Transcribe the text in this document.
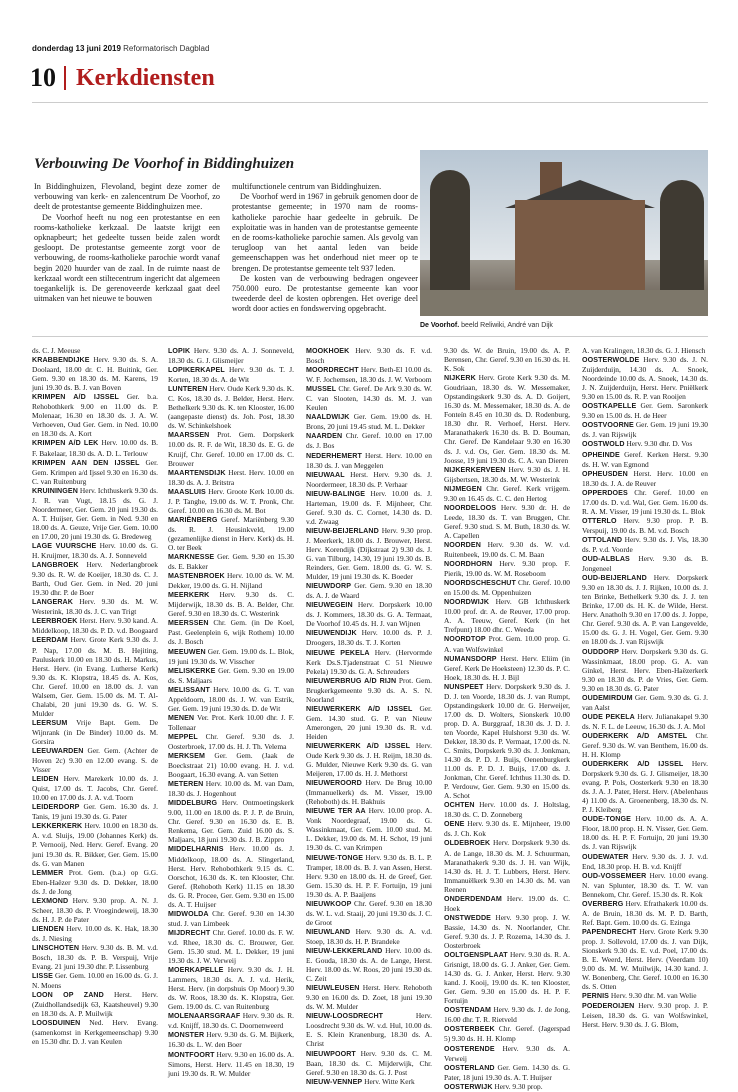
donderdag 13 juni 2019 Reformatorisch Dagblad
10 Kerkdiensten
Verbouwing De Voorhof in Biddinghuizen

In Biddinghuizen, Flevoland, begint deze zomer de verbouwing van kerk- en zalencentrum De Voorhof, zo deelt de protestantse gemeente Biddinghuizen mee.

De Voorhof heeft nu nog een protestantse en een rooms-katholieke kerkzaal. De laatste krijgt een opknapbeurt; het gedeelte tussen beide zalen wordt gesloopt. De protestantse gemeente zorgt voor de verbouwing, de rooms-katholieke parochie wordt vanaf begin 2020 huurder van de zaal. In de ruimte naast de kerkzaal wordt een stiltecentrum ingericht dat algemeen toegankelijk is. De gerenoveerde kerkzaal gaat deel uitmaken van het nieuwe te bouwen

multifunctionele centrum van Biddinghuizen.

De Voorhof werd in 1967 in gebruik genomen door de protestantse gemeente; in 1970 nam de rooms-katholieke parochie haar gedeelte in gebruik. De exploitatie was in handen van de protestantse gemeente en de rooms-katholieke parochie samen. Als gevolg van terugloop van het aantal leden van beide gemeenschappen was het onderhoud niet meer op te brengen. De protestantse gemeente telt 937 leden.

De kosten van de verbouwing bedragen ongeveer 750.000 euro. De protestantse gemeente kan voor tweederde deel de kosten opbrengen. Het overige deel wordt door acties en fondswerving opgebracht.

De Voorhof. beeld Reliwiki, André van Dijk
ds. C. J. Meeuse
KRABBENDIJKE Herv. 9.30 ds. S. A. Doolaard, 18.00 dr. C. H. Buitink, Ger. Gem. 9.30 en 18.30 ds. M. Karens, 19 juni 19.30 ds. B. J. van Boven
KRIMPEN A/D IJSSEL Ger. b.a. Rehobothkerk 9.00 en 11.00 ds. P. Molenaar, 16.30 en 18.30 ds. J. A. W. Verhoeven, Oud Ger. Gem. in Ned. 10.00 en 18.30 ds. A. Kort
KRIMPEN A/D LEK Herv. 10.00 ds. B. F. Bakelaar, 18.30 ds. A. D. L. Terlouw
KRIMPEN AAN DEN IJSSEL Ger. Gem. Krimpen a/d Ijssel 9.30 en 16.30 ds. C. van Ruitenburg
KRUININGEN Herv. Ichthuskerk 9.30 ds. J. R. van Vugt, 18.15 ds. G. J. Noordermeer, Ger. Gem. 20 juni 19.30 ds. A. T. Huijser, Ger. Gem. in Ned. 9.30 en 18.00 ds. A. Geuze, Vrije Ger. Gem. 10.00 en 17.00, 20 juni 19.30 ds. G. Bredeweg
LAGE VUURSCHE Herv. 10.00 ds. G. H. Kruijmer, 18.30 ds. A. J. Sonneveld
LANGBROEK Herv. Nederlangbroek 9.30 ds. R. W. de Koeijer, 18.30 ds. C. J. Barth, Oud Ger. Gem. in Ned. 20 juni 19.30 dhr. P. de Boer
LANGERAK Herv. 9.30 ds. M. W. Westerink, 18.30 ds. J. C. van Trigt
LEERBROEK Herst. Herv. 9.30 kand. A. Middelkoop, 18.30 ds. P. D. v.d. Boogaard
LEERDAM Herv. Grote Kerk 9.30 ds. J. P. Nap, 17.00 ds. M. B. Hejiting, Pauluskerk 10.00 en 18.30 ds. H. Markus, Herst. Herv. (in Evang. Lutherse Kerk) 9.30 ds. K. Klopstra, 18.45 ds. A. Kos, Chr. Geref. 10.00 en 18.00 ds. J. van Walsem, Ger. Gem. 15.00 ds. M. T. Al-Chalabi, 20 juni 19.30 ds. G. W. S. Mulder
LEERSUM Vrije Bapt. Gem. De Wijnrank (in De Binder) 10.00 ds. M. Gorsira
LEEUWARDEN Ger. Gem. (Achter de Hoven 2c) 9.30 en 12.00 evang. S. de Visser
LEIDEN Herv. Marekerk 10.00 ds. J. Quist, 17.00 ds. T. Jacobs, Chr. Geref. 10.00 en 17.00 ds. J. A. v.d. Toorn
LEIDERDORP Ger. Gem. 16.30 ds. J. Tanis, 19 juni 19.30 ds. G. Pater
LEKKERKERK Herv. 10.00 en 18.30 ds. A. v.d. Sluijs, 19.00 (Johannes Kerk) ds. P. Vernooij, Ned. Herv. Geref. Evang. 20 juni 19.30 ds. R. Bikker, Ger. Gem. 15.00 ds. G. van Manen
LEMMER Prot. Gem. (b.a.) op G.G. Eben-Haëzer 9.30 ds. D. Dekker, 18.00 ds. J. de Jong
LEXMOND Herv. 9.30 prop. A. N. J. Scheer, 18.30 ds. P. Vroegindeweij, 18.30 ds. H. J. P. de Pater
LIENDEN Herv. 10.00 ds. K. Hak, 18.30 ds. J. Niesing
LINSCHOTEN Herv. 9.30 ds. B. M. v.d. Bosch, 18.30 ds. P. B. Verspuij, Vrije Evang. 21 juni 19.30 dhr. P. Lissenburg
LISSE Ger. Gem. 10.00 en 16.00 ds. G. J. N. Moens
LOON OP ZAND Herst. Herv. (Zuidhollandsedijk 63, Kaatsheuvel) 9.30 en 18.30 ds. A. P. Muilwijk
LOOSDUINEN Ned. Herv. Evang. (samenkomst in Kerkgemeenschap) 9.30 en 15.30 dhr. D. J. van Keulen
LOPIK Herv. 9.30 ds. A. J. Sonneveld, 18.30 ds. G. J. Glismeijer
LOPIKERKAPEL Herv. 9.30 ds. T. J. Korten, 18.30 ds. A. de Wit
LUNTEREN Herv. Oude Kerk 9.30 ds. K. C. Kos, 18.30 ds. J. Belder, Herst. Herv. Bethelkerk 9.30 ds. K. ten Klooster, 16.00 (aangepaste dienst) ds. Joh. Post, 18.30 ds. W. Schinkelshoek
MAARSSEN Prot. Gem. Dorpskerk 10.00 ds. R. F. de Wit, 18.30 ds. E. G. de Kruijf, Chr. Geref. 10.00 en 17.00 ds. C. Brouwer
MAARTENSDIJK Herst. Herv. 10.00 en 18.30 ds. A. J. Britstra
MAASLUIS Herv. Groote Kerk 10.00 ds. J. P. Tanghe, 19.00 ds. W. T. Pronk, Chr. Geref. 10.00 en 16.30 ds. M. Bot
MARIËNBERG Geref. Mariënberg 9.30 ds. R. J. Heusinkveld, 19.00 (gezamenlijke dienst in Herv. Kerk) ds. H. O. ter Beek
MARKNESSE Ger. Gem. 9.30 en 15.30 ds. E. Bakker
MASTENBROEK Herv. 10.00 ds. W. M. Dekker, 19.00 ds. G. H. Nijland
MEERKERK Herv. 9.30 ds. C. Mijderwijk, 18.30 ds. B. A. Belder, Chr. Geref. 9.30 en 18.30 ds. C. Westerink
MEERSSEN Chr. Gem. (in De Koel, Past. Geelenplein 6, wijk Rothem) 10.00 ds. J. Bosch
MEEUWEN Ger. Gem. 19.00 ds. L. Blok, 19 juni 19.30 ds. W. Visscher
MELISKERKE Ger. Gem. 9.30 en 19.00 ds. S. Maljaars
MELISSANT Herv. 10.00 ds. G. T. van Appeldoorn, 18.00 ds. J. W. van Estrik, Ger. Gem. 19 juni 19.30 ds. D. de Wit
MENEN Ver. Prot. Kerk 10.00 dhr. J. F. Tollenaar
MEPPEL Chr. Geref. 9.30 ds. J. Oosterbroek, 17.00 ds. H. J. Th. Velema
MERKSEM Ger. Gem. (Jaak de Boeckstraat 21) 10.00 evang. H. J. v.d. Boogaart, 16.30 evang. A. van Setten
METEREN Herv. 10.00 ds. M. van Dam, 18.30 ds. J. Hogenhout
MIDDELBURG Herv. Ontmoetingskerk 9.00, 11.00 en 18.00 ds. P. J. P. de Bruin, Chr. Geref. 9.30 en 16.30 ds. E. B. Renkema, Ger. Gem. Zuid 16.00 ds. S. Maljaars, 18 juni 19.30 ds. J. B. Zippro
MIDDELHARNIS Herv. 10.00 ds. J. Middelkoop, 18.00 ds. A. Slingerland, Herst. Herv. Rehobothkerk 9.15 ds. C. Oorschot, 16.30 ds. K. ten Klooster, Chr. Geref. (Rehoboth Kerk) 11.15 en 18.30 ds. G. R. Procee, Ger. Gem. 9.30 en 15.00 ds. A. T. Huijser
MIDWOLDA Chr. Geref. 9.30 en 14.30 stud. J. van Limbeek
MIJDRECHT Chr. Geref. 10.00 ds. F. W. v.d. Rhee, 18.30 ds. C. Brouwer, Ger. Gem. 15.30 stud. M. L. Dekker, 19 juni 19.30 ds. J. W. Verweij
MOERKAPELLE Herv. 9.30 ds. J. H. Lammers, 18.30 ds. A. J. v.d. Herik, Herst. Herv. (in dorpshuis Op Moor) 9.30 ds. W. Roos, 18.30 ds. K. Klopstra, Ger. Gem. 19.00 ds. C. van Ruitenburg
MOLENAARSGRAAF Herv. 9.30 ds. R. v.d. Knijff, 18.30 ds. C. Doornenweerd
MONSTER Herv. 9.30 ds. G. M. Bijkerk, 16.30 ds. L. W. den Boer
MONTFOORT Herv. 9.30 en 16.00 ds. A. Simons, Herst. Herv. 11.45 en 18.30, 19 juni 19.30 ds. R. W. Mulder
MOOKHOEK Herv. 9.30 ds. F. v.d. Bosch
MOORDRECHT Herv. Beth-El 10.00 ds. W. F. Jochemsen, 18.30 ds. J. W. Verboom
MUSSEL Chr. Geref. De Ark 9.30 ds. W. C. van Slooten, 14.30 ds. M. J. van Keulen
NAALDWIJK Ger. Gem. 19.00 ds. H. Brons, 20 juni 19.45 stud. M. L. Dekker
NAARDEN Chr. Geref. 10.00 en 17.00 ds. J. Bos
NEDERHEMERT Herst. Herv. 10.00 en 18.30 ds. J. van Meggelen
NIEUWAAL Herst. Herv. 9.30 ds. J. Noordermeer, 18.30 ds. P. Verhaar
NIEUW-BALINGE Herv. 10.00 ds. J. Harteman, 19.00 ds. F. Mijnheer, Chr. Geref. 9.30 ds. C. Cornet, 14.30 ds. D. v.d. Zwaag
NIEUW-BEIJERLAND Herv. 9.30 prop. J. Meerkerk, 18.00 ds. J. Brouwer, Herst. Herv. Korendijk (Dijkstraat 2) 9.30 ds. J. G. van Tilburg, 14.30, 19 juni 19.30 ds. B. Reinders, Ger. Gem. 18.00 ds. G. W. S. Mulder, 19 juni 19.30 ds. K. Boeder
NIEUWDORP Ger. Gem. 9.30 en 18.30 ds. A. J. de Waard
NIEUWEGEIN Herv. Dorpskerk 10.00 ds. J. Kommers, 18.30 ds. G. A. Termaat, De Voorhof 10.45 ds. H. J. van Wijnen
NIEUWENDIJK Herv. 10.00 ds. P. J. Droogers, 18.30 ds. T. J. Korten
NIEUWE PEKELA Herv. (Hervormde Kerk Ds.S.Tjadenstraat C 51 Nieuwe Pekela) 19.30 ds. G. A. Schreuders
NIEUWERBRUG A/D RIJN Prot. Gem. Brugkerkgemeente 9.30 ds. A. S. N. Noorland
NIEUWERKERK A/D IJSSEL Ger. Gem. 14.30 stud. G. P. van Nieuw Amerongen, 20 juni 19.30 ds. R. v.d. Heiden
NIEUWERKERK A/D IJSSEL Herv. Oude Kerk 9.30 ds. J. H. Reijm, 18.30 ds. G. Mulder, Nieuwe Kerk 9.30 ds. G. van Meijeren, 17.00 ds. H. J. Methorst
NIEUWEROORD Herv. De Brug 10.00 (Immanuelkerk) ds. M. Visser, 19.00 (Rehoboth) ds. H. Bakhuis
NIEUWE TER AA Herv. 10.00 prop. A. Vonk Noordegraaf, 19.00 ds. G. Wassinkmaat, Ger. Gem. 10.00 stud. M. L. Dekker, 19.00 ds. M. H. Schot, 19 juni 19.30 ds. C. van Krimpen
NIEUWE-TONGE Herv. 9.30 ds. B. L. P. Tramper, 18.00 ds. B. J. van Assen, Herst. Herv. 9.30 en 18.00 ds. H. de Greef, Ger. Gem. 15.30 ds. H. P. F. Fortuijn, 19 juni 19.30 ds. A. P. Baaijens
NIEUWKOOP Chr. Geref. 9.30 en 18.30 ds. W. L. v.d. Staaij, 20 juni 19.30 ds. J. C. de Groot
NIEUWLAND Herv. 9.30 ds. A. v.d. Stoep, 18.30 ds. H. P. Brandeke
NIEUW-LEKKERLAND Herv. 10.00 ds. E. Gouda, 18.30 ds. A. de Lange, Herst. Herv. 18.00 ds. W. Roos, 20 juni 19.30 ds. C. Zeit
NIEUWLEUSEN Herst. Herv. Rehoboth 9.30 en 16.00 ds. D. Zoet, 18 juni 19.30 ds. W. M. Mulder
NIEUW-LOOSDRECHT	Herv. Loosdrecht 9.30 ds. W. v.d. Hul, 10.00 ds. E. S. Klein Kranenburg, 18.30 ds. A. Christ
NIEUWPOORT Herv. 9.30 ds. C. M. Baan, 18.30 ds. C. Mijderwijk, Chr. Geref. 9.30 en 18.30 ds. G. J. Post
NIEUW-VENNEP Herv. Witte Kerk
9.30 ds. W. de Bruin, 19.00 ds. A. P. Berensen, Chr. Geref. 9.30 en 16.30 ds. H. K. Sok
NIJKERK Herv. Grote Kerk 9.30 ds. M. Goudriaan, 18.30 ds. W. Messemaker, Opstandingskerk 9.30 ds. A. D. Goijert, 16.30 ds. M. Messemaker, 18.30 ds. A. de Fonteín 8.45 en 10.30 ds. D. Rodenburg, 18.30 dhr. R. Verhoef, Herst. Herv. Maranathakerk 16.30 ds. B. D. Bouman, Chr. Geref. De Kandelaar 9.30 en 16.30 ds. J. v.d. Os, Ger. Gem. 18.30 ds. M. Joosse, 19 juni 19.30 ds. C. A. van Dieren
NIJKERKERVEEN Herv. 9.30 ds. J. H. Gijsbertsen, 18.30 ds. M. W. Westerink
NIJMEGEN Chr. Geref. Kerk vrijgem. 9.30 en 16.45 ds. C. C. den Hertog
NOORDELOOS Herv. 9.30 dr. H. de Leede, 18.30 ds. T. van Bruggen, Chr. Geref. 9.30 stud. S. M. Buth, 18.30 ds. W. A. Capellen
NOORDEN Herv. 9.30 ds. W. v.d. Ruitenbeek, 19.00 ds. C. M. Baan
NOORDHORN Herv. 9.30 prop. F. Pierik, 19.00 ds. W. M. Roseboom
NOORDSCHESCHUT Chr. Geref. 10.00 en 15.00 ds. M. Oppenhuizen
NOORDWIJK Herv. GB Ichthuskerk 10.00 prof. dr. A. de Reuver, 17.00 prop. A. A. Teeuw, Geref. Kerk (in het Trefpunt) 18.00 dhr. C. Weeda
NOORDTOP Prot. Gem. 10.00 prop. G. A. van Wolfswinkel
NUMANSDORP Herst. Herv. Eliim (in Geref. Kerk De Hoeksteen) 12.30 ds. P. C. Hoek, 18.30 ds. H. J. Bijl
NUNSPEET Herv. Dorpskerk 9.30 ds. J. D. J. ten Voorde, 18.30 ds. J. van Rumpt, Opstandingskerk 10.00 dr. G. Herweijer, 17.00 ds. D. Wolters, Sionskerk 10.00 prop. D. A. Burggraaf, 18.30 ds. J. D. J. ten Voorde, Kapel Hulshorst 9.30 ds. W. Dekker, 18.30 ds. P. Vermaat, 17.00 ds. N. C. Smits, Dorpskerk 9.30 ds. J. Jonkman, 14.30 ds. P. D. J. Buijs, Oenenburgkerk 11.00 ds. P. D. J. Buijs, 17.00 ds. J. Jonkman, Chr. Geref. Ichthus 11.30 ds. D. P. Verdouw, Ger. Gem. 9.30 en 15.00 ds. A. Schot
OCHTEN Herv. 10.00 ds. J. Holtslag, 18.30 ds. C. D. Zonneberg
OENE Herv. 9.30 ds. E. Mijnheer, 19.00 ds. J. Ch. Kok
OLDEBROEK Herv. Dorpskerk 9.30 ds. A. de Lange, 18.30 ds. M. J. Schuurman, Maranathakerk 9.30 ds. J. H. van Wijk, 14.30 ds. H. J. T. Lubbers, Herst. Herv. Immanuëlkerk 9.30 en 14.30 ds. M. van Reenen
ONDERDENDAM Herv. 19.00 ds. C. Hoek
ONSTWEDDE Herv. 9.30 prop. J. W. Bassie, 14.30 ds. N. Noorlander, Chr. Geref. 9.30 ds. J. P. Rozema, 14.30 ds. J. Oosterbroek
OOLTGENSPLAAT Herv. 9.30 ds. R. A. Grisnigt, 18.00 ds. G. J. Anker, Ger. Gem. 14.30 ds. G. J. Anker, Herst. Herv. 9.30 kand. J. Kooij, 19.00 ds. K. ten Klooster, Ger. Gem. 9.30 en 15.00 ds. H. P. F. Fortuijn
OOSTENDAM Herv. 9.30 ds. J. de Jong, 16.00 dhr. T. R. Rietveld
OOSTERBEEK Chr. Geref. (Jagerspad 5) 9.30 ds. H. H. Klomp
OOSTERENDE Herv. 9.30 ds. A. Verweij
OOSTERLAND Ger. Gem. 14.30 ds. G. Pater, 18 juni 19.30 ds. A. T. Huijser
OOSTERWIJK Herv. 9.30 prop.
A. van Kralingen, 18.30 ds. G. J. Hiensch
OOSTERWOLDE Herv. 9.30 ds. J. N. Zuijderduijn, 14.30 ds. A. Snoek, Noordeinde 10.00 ds. A. Snoek, 14.30 ds. J. N. Zuijderduijn, Herst. Herv. Pniëlkerk 9.30 en 15.00 ds. R. P. van Rooijen
OOSTKAPELLE Ger. Gem. Saronkerk 9.30 en 15.00 ds. H. de Heer
OOSTVOORNE Ger. Gem. 19 juni 19.30 ds. J. van Rijswijk
OOSTWOLD Herv. 9.30 dhr. D. Vos
OPHEINDE Geref. Kerken Herst. 9.30 ds. H. W. van Egmond
OPHEUSDEN Herst. Herv. 10.00 en 18.30 ds. J. A. de Reuver
OPPERDOES Chr. Geref. 10.00 en 17.00 ds. D. v.d. Wal, Ger. Gem. 16.00 ds. R. A. M. Visser, 19 juni 19.30 ds. L. Blok
OTTERLO Herv. 9.30 prop. P. B. Verspuij, 19.00 ds. B. M. v.d. Bosch
OTTOLAND Herv. 9.30 ds. J. Vis, 18.30 ds. P. v.d. Voorde
OUD-ALBLAS Herv. 9.30 ds. B. Jongeneel
OUD-BEIJERLAND Herv. Dorpskerk 9.30 en 18.30 ds. J. J. Rijken, 10.00 ds. J. ten Brinke, Bethelkerk 9.30 ds. J. J. ten Brinke, 17.00 ds. H. K. de Wilde, Herst. Herv. Anatholh 9.30 en 17.00 ds. J. Joppe, Chr. Geref. 9.30 ds. A. P. van Langevelde, 15.00 ds. G. J. H. Vogel, Ger. Gem. 9.30 en 18.00 ds. J. van Rijswijk
OUDDORP Herv. Dorpskerk 9.30 ds. G. Wassinkmaat, 18.00 prop. G. A. van Ginkel, Herst. Herv. Eben-Haëzerkerk 9.30 en 18.30 ds. P. de Vries, Ger. Gem. 9.30 en 18.30 ds. G. Pater
OUDEMIRDUM Ger. Gem. 9.30 ds. G. J. van Aalst
OUDE PEKELA Herv. Julianakapel 9.30 ds. N. F. L. de Leeuw, 16.30 ds. J. A. Mol
OUDERKERK A/D AMSTEL Chr. Geref. 9.30 ds. W. van Benthem, 16.00 ds. H. H. Klomp
OUDERKERK A/D IJSSEL Herv. Dorpskerk 9.30 ds. G. J. Glismeijer, 18.30 evang. P. Pols, Oosterkerk 9.30 en 18.30 ds. J. A. J. Pater, Herst. Herv. (Abelenhaus 4) 11.00 ds. A. Groenenberg, 18.30 ds. N. P. J. Kleiberg
OUDE-TONGE Herv. 10.00 ds. A. A. Floor, 18.00 prop. H. N. Visser, Ger. Gem. 18.00 ds. H. P. F. Fortuijn, 20 juni 19.30 ds. J. van Rijswijk
OUDEWATER Herv. 9.30 ds. J. J. v.d. End, 18.30 prop. H. B. v.d. Knijff
OUD-VOSSEMEER Herv. 10.00 evang. N. van Splunter, 18.30 ds. T. W. van Bennekom, Chr. Geref. 15.30 ds. R. Kok
OVERBERG Herv. Efrathakerk 10.00 ds. A. de Bruin, 18.30 ds. M. P. D. Barth, Ref. Bapt. Gem. 10.00 ds. G. Ezinga
PAPENDRECHT Herv. Grote Kerk 9.30 prop. J. Sollevold, 17.00 ds. J. van Dijk, Sionskerk 9.30 ds. E. v.d. Poel, 17.00 ds. B. E. Weerd, Herst. Herv. (Veerdam 10) 9.00 ds. M. W. Muilwijk, 14.30 kand. J. W. Bonenberg, Chr. Geref. 10.00 en 16.30 ds. S. Otten
PERNIS Herv. 9.30 dhr. M. van Welie
POEDEROIJEN Herv. 9.30 prop. J. P. Leisen, 18.30 ds. G. van Wolfswinkel, Herst. Herv. 9.30 ds. J. G. Blom,
